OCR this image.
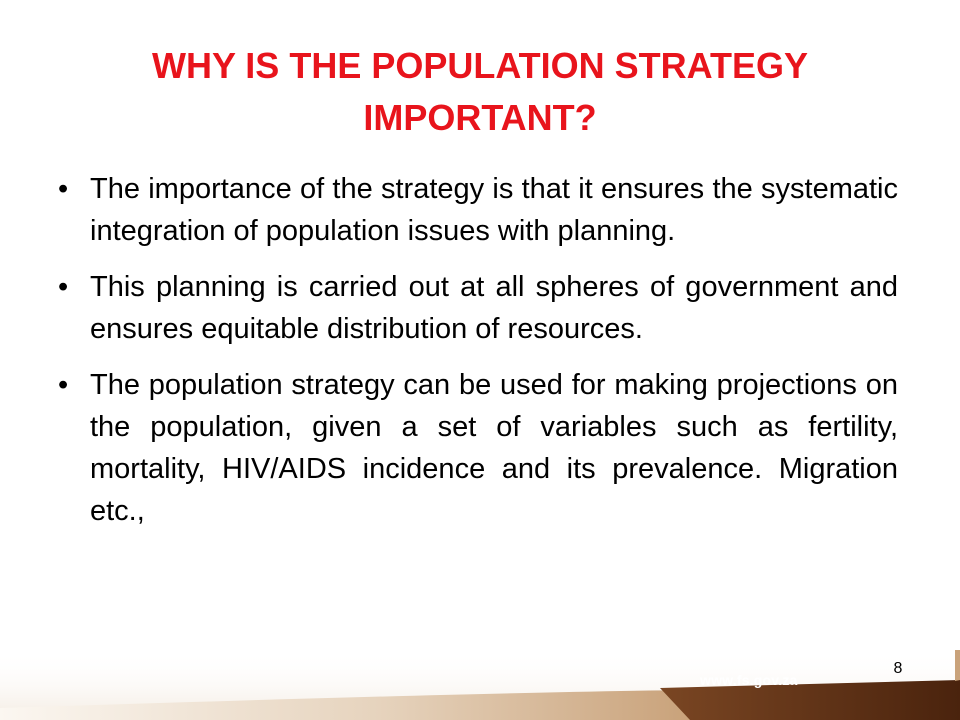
WHY IS THE POPULATION STRATEGY IMPORTANT?
• The importance of the strategy is that it ensures the systematic integration of population issues with planning.
• This planning is carried out at all spheres of government and ensures equitable distribution of resources.
• The population strategy can be used for making projections on the population, given a set of variables such as fertility, mortality, HIV/AIDS incidence and its prevalence. Migration etc.,
8
www.fs.gov.za
